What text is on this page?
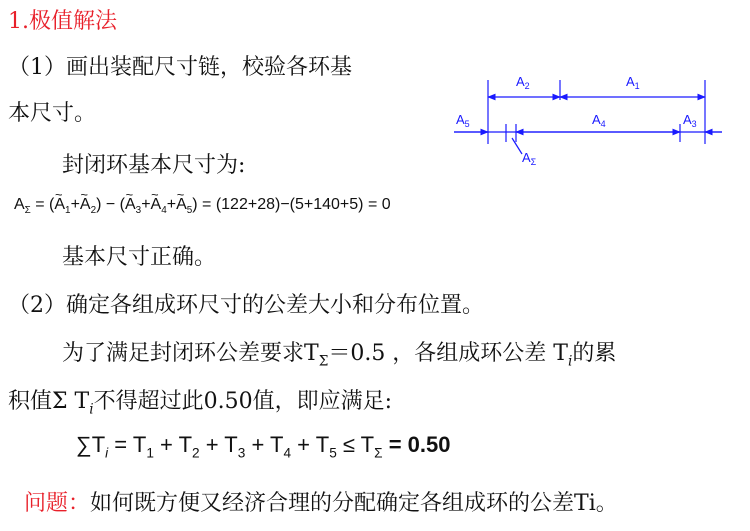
1.极值解法
（1）画出装配尺寸链，校验各环基
本尺寸。
$A_2$	$A_1$
$A_5$	$A_4$	$A_3$
$A_\Sigma$
封闭环基本尺寸为:
$A_\Sigma$ = (~ $A_1+\sim$ $A_2$) − (~ $A_3+\sim$ $A_4+\sim$ $A_5) = (122+28)-(5+140+5) = 0$
基本尺寸正确。
（2）确定各组成环尺寸的公差大小和分布位置。
为了满足封闭环公差要求$T_\Sigma=0.5$ ，各组成环公差 $T_i$的累
积值Σ $T_i$不得超过此0.50值，即应满足:
$\sum T_i = T_1 + T_2 + T_3 + T_4 + T_5 \le T_\Sigma = 0.50$
问题：如何既方便又经济合理的分配确定各组成环的公差Ti。
